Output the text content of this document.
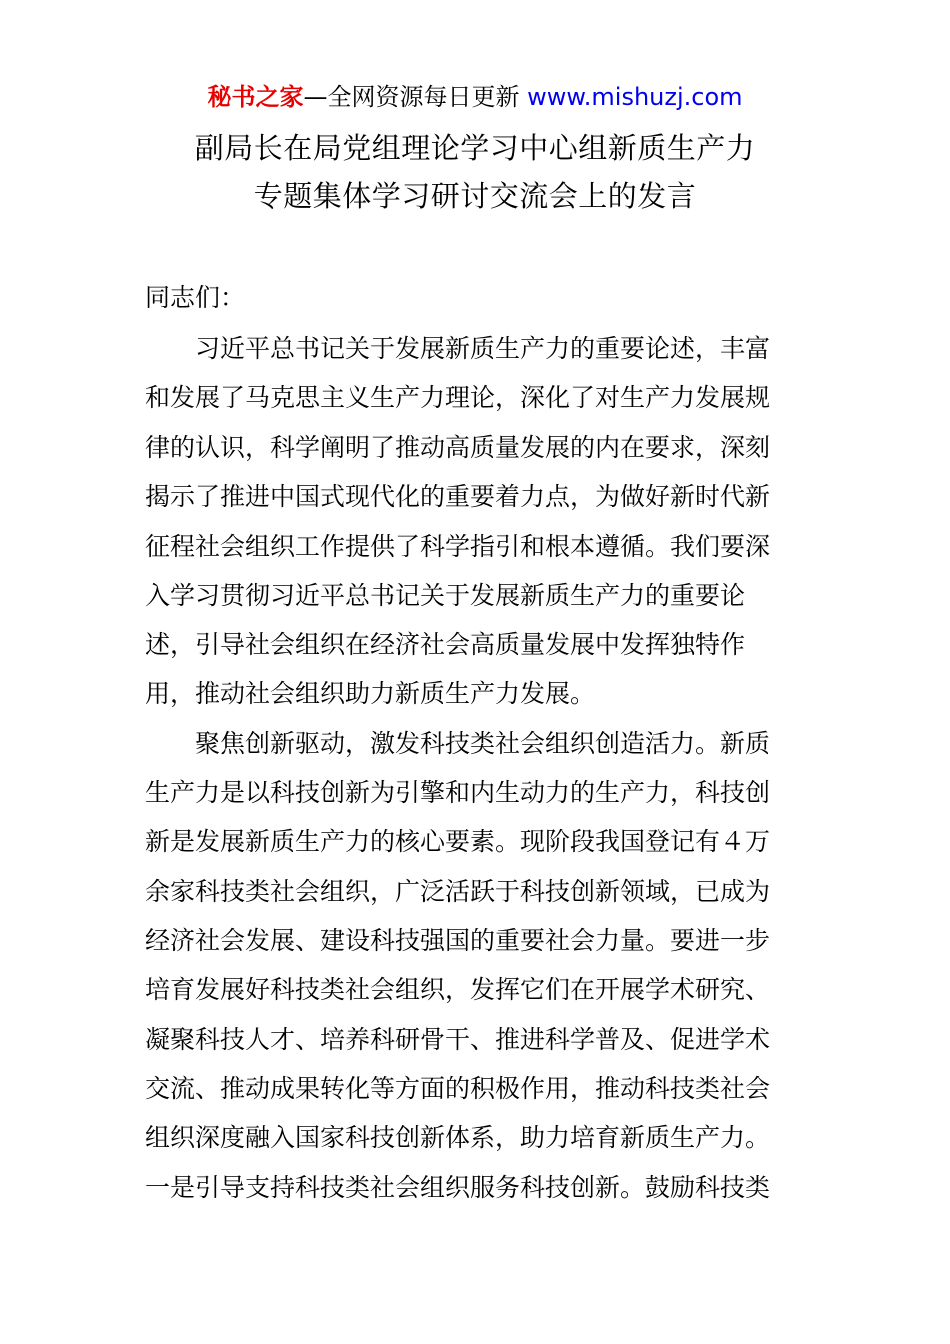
秘书之家—全网资源每日更新 www.mishuzj.com
副局长在局党组理论学习中心组新质生产力
专题集体学习研讨交流会上的发言
同志们：
习近平总书记关于发展新质生产力的重要论述，丰富
和发展了马克思主义生产力理论，深化了对生产力发展规
律的认识，科学阐明了推动高质量发展的内在要求，深刻
揭示了推进中国式现代化的重要着力点，为做好新时代新
征程社会组织工作提供了科学指引和根本遵循。我们要深
入学习贯彻习近平总书记关于发展新质生产力的重要论
述，引导社会组织在经济社会高质量发展中发挥独特作
用，推动社会组织助力新质生产力发展。
聚焦创新驱动，激发科技类社会组织创造活力。新质
生产力是以科技创新为引擎和内生动力的生产力，科技创
新是发展新质生产力的核心要素。现阶段我国登记有４万
余家科技类社会组织，广泛活跃于科技创新领域，已成为
经济社会发展、建设科技强国的重要社会力量。要进一步
培育发展好科技类社会组织，发挥它们在开展学术研究、
凝聚科技人才、培养科研骨干、推进科学普及、促进学术
交流、推动成果转化等方面的积极作用，推动科技类社会
组织深度融入国家科技创新体系，助力培育新质生产力。
一是引导支持科技类社会组织服务科技创新。鼓励科技类
